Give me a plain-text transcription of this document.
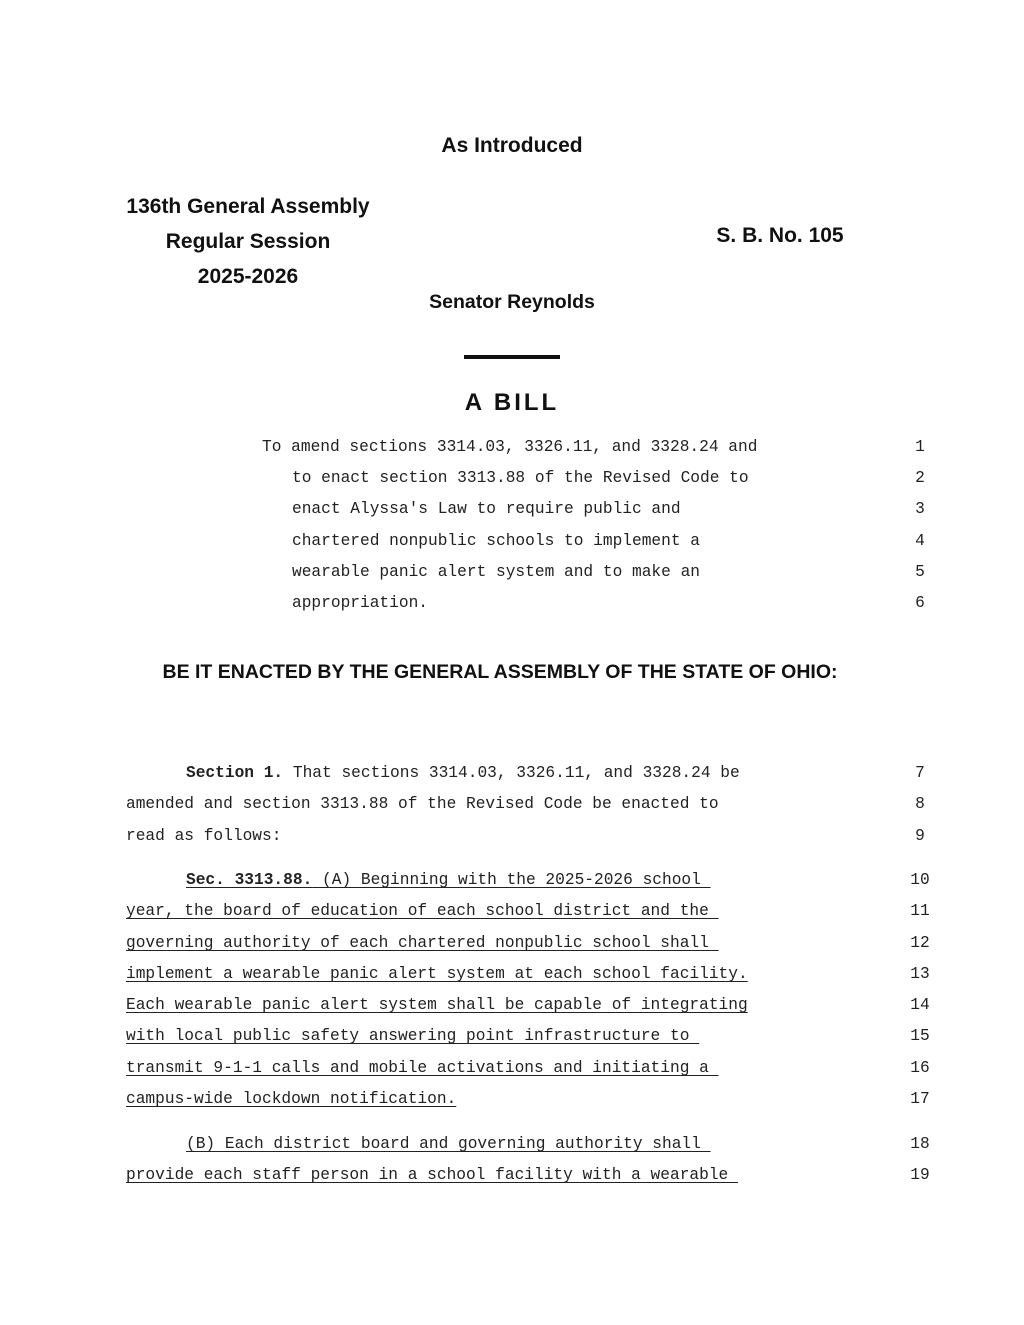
As Introduced
136th General Assembly
Regular Session
2025-2026
S. B. No. 105
Senator Reynolds
A BILL

To amend sections 3314.03, 3326.11, and 3328.24 and

	1

to enact section 3313.88 of the Revised Code to

	2

enact Alyssa's Law to require public and

	3

chartered nonpublic schools to implement a

	4

wearable panic alert system and to make an

	5

appropriation.

	6

BE IT ENACTED BY THE GENERAL ASSEMBLY OF THE STATE OF OHIO:

Section 1. That sections 3314.03, 3326.11, and 3328.24 be

	7

amended and section 3313.88 of the Revised Code be enacted to

	8

read as follows:

	9

Sec. 3313.88. (A) Beginning with the 2025-2026 school

	10

year, the board of education of each school district and the

	11

governing authority of each chartered nonpublic school shall

	12

implement a wearable panic alert system at each school facility.

	13

Each wearable panic alert system shall be capable of integrating

	14

with local public safety answering point infrastructure to

	15

transmit 9-1-1 calls and mobile activations and initiating a

	16

campus-wide lockdown notification.

	17

(B) Each district board and governing authority shall

	18

provide each staff person in a school facility with a wearable

	19
